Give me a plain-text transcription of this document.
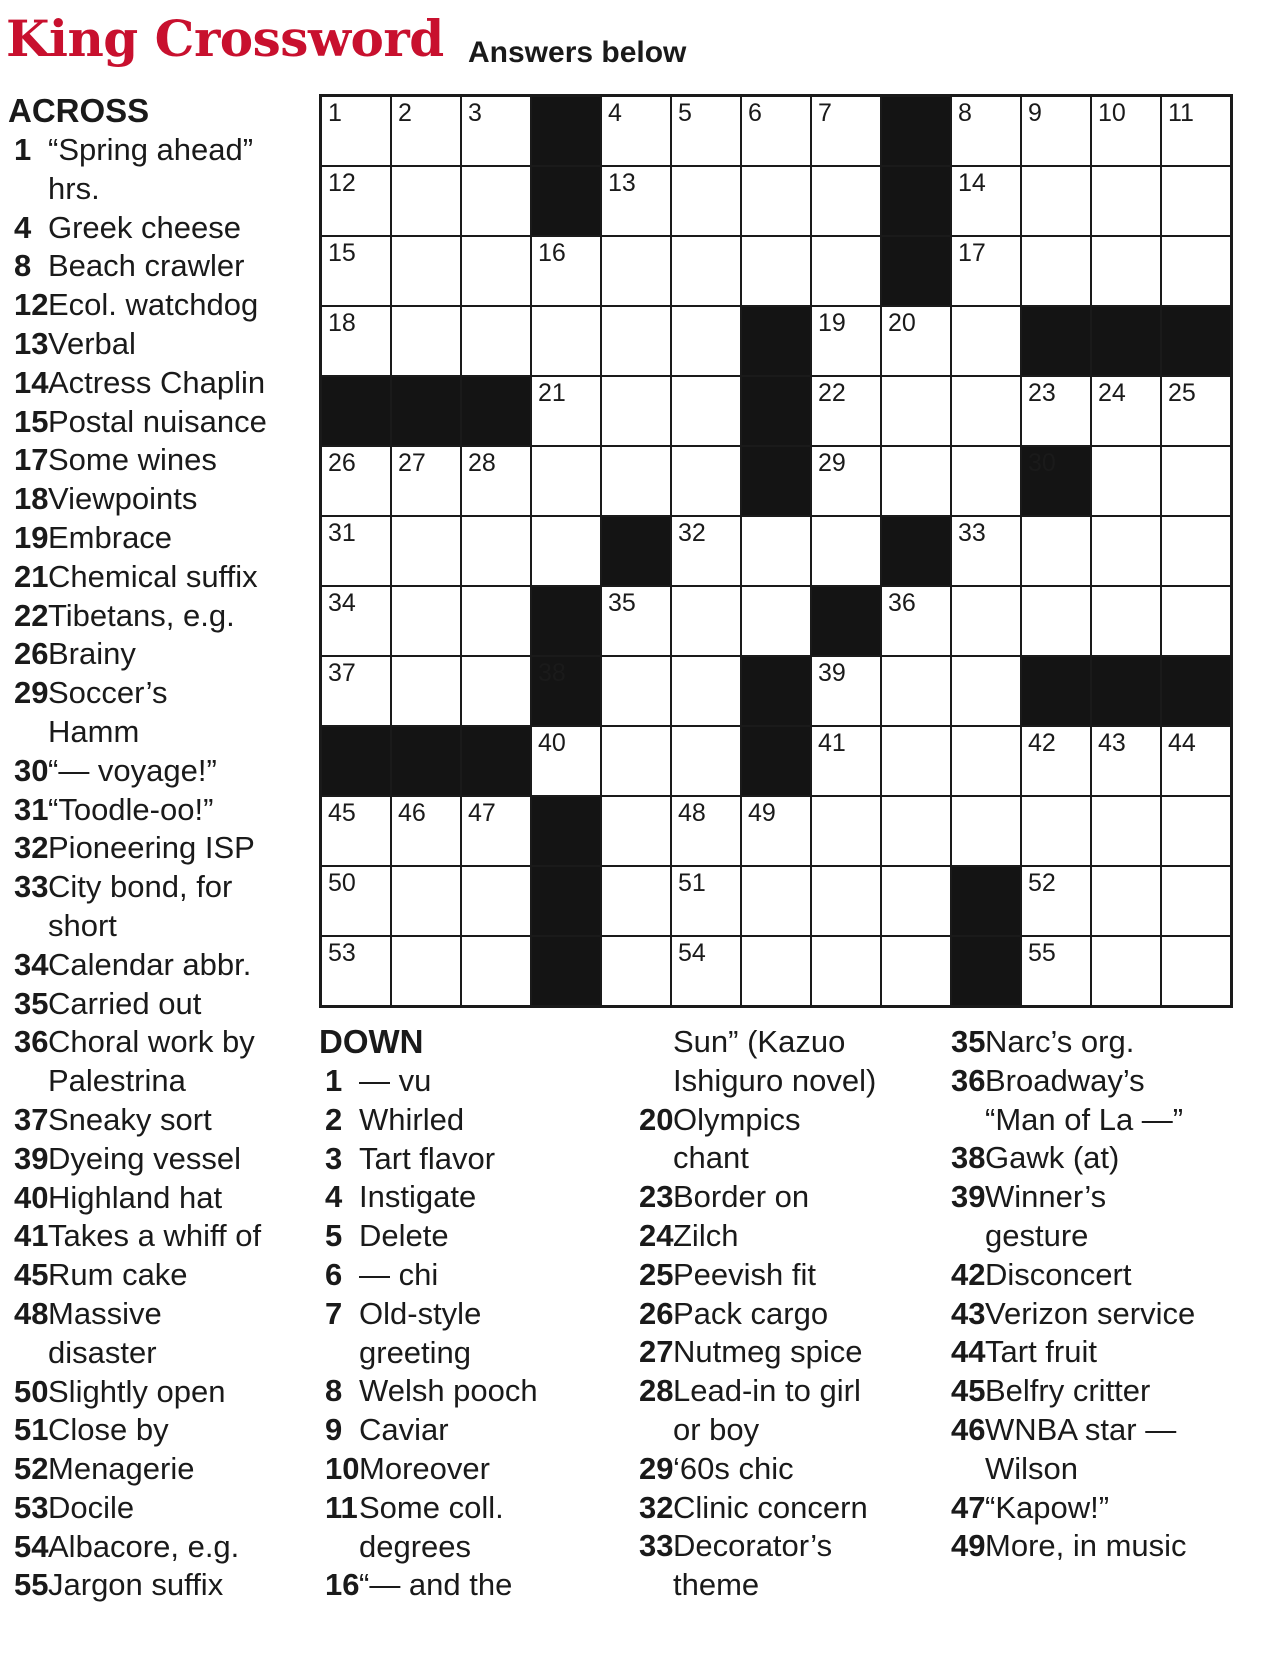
King Crossword Answers below
ACROSS
1 “Spring ahead”
hrs.
4 Greek cheese
8 Beach crawler
12 Ecol. watchdog
13 Verbal
14 Actress Chaplin
15 Postal nuisance
17 Some wines
18 Viewpoints
19 Embrace
21 Chemical suffix
22 Tibetans, e.g.
26 Brainy
29 Soccer’s
Hamm
30 “— voyage!”
31 “Toodle-oo!”
32 Pioneering ISP
33 City bond, for
short
34 Calendar abbr.
35 Carried out
36 Choral work by
Palestrina
37 Sneaky sort
39 Dyeing vessel
40 Highland hat
41 Takes a whiff of
45 Rum cake
48 Massive
disaster
50 Slightly open
51 Close by
52 Menagerie
53 Docile
54 Albacore, e.g.
55 Jargon suffix
1 2 3	4 5 6 7	8 9 10 11
12	13	14
15	16	17
18	19 20
21	22	23 24 25
26 27 28	29	30
31	32	33
34	35	36
37	38	39
40	41	42 43 44
45 46 47	48 49
50	51	52
53	54	55
DOWN
1 — vu
2 Whirled
3 Tart flavor
4 Instigate
5 Delete
6 — chi
7 Old-style
greeting
8 Welsh pooch
9 Caviar
10 Moreover
11 Some coll.
degrees
16 “— and the
Sun” (Kazuo
Ishiguro novel)
20 Olympics
chant
23 Border on
24 Zilch
25 Peevish fit
26 Pack cargo
27 Nutmeg spice
28 Lead-in to girl
or boy
29 ‘60s chic
32 Clinic concern
33 Decorator’s
theme
35 Narc’s org.
36 Broadway’s
“Man of La —”
38 Gawk (at)
39 Winner’s
gesture
42 Disconcert
43 Verizon service
44 Tart fruit
45 Belfry critter
46 WNBA star —
Wilson
47 “Kapow!”
49 More, in music
